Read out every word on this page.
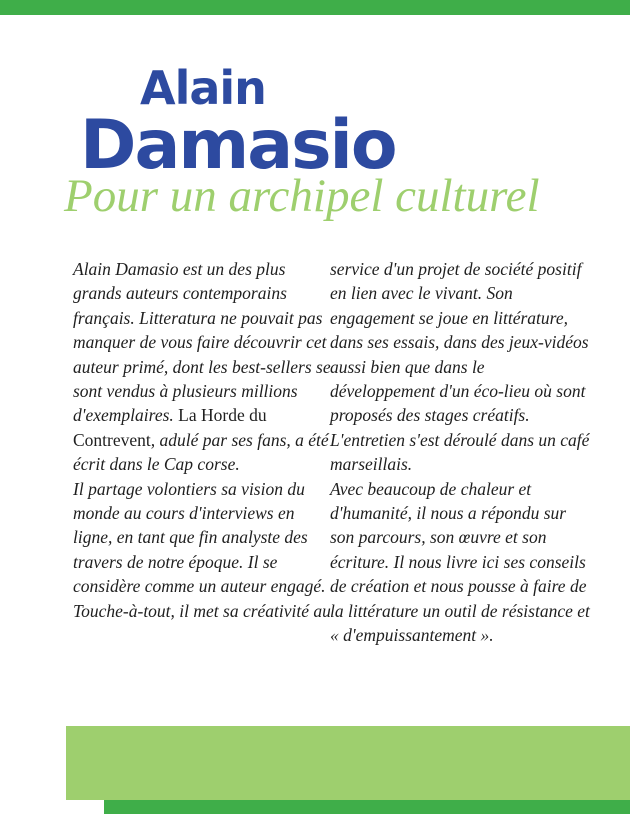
Alain
Damasio
Pour un archipel culturel

Alain Damasio est un des plus grands auteurs contemporains français. Litteratura ne pouvait pas manquer de vous faire découvrir cet auteur primé, dont les best-sellers se sont vendus à plusieurs millions d'exemplaires. La Horde du Contrevent, adulé par ses fans, a été écrit dans le Cap corse.

Il partage volontiers sa vision du monde au cours d'interviews en ligne, en tant que fin analyste des travers de notre époque. Il se considère comme un auteur engagé. Touche-à-tout, il met sa créativité au

service d'un projet de société positif en lien avec le vivant. Son engagement se joue en littérature, dans ses essais, dans des jeux-vidéos aussi bien que dans le développement d'un éco-lieu où sont proposés des stages créatifs.

L'entretien s'est déroulé dans un café marseillais.

Avec beaucoup de chaleur et d'humanité, il nous a répondu sur son parcours, son œuvre et son écriture. Il nous livre ici ses conseils de création et nous pousse à faire de la littérature un outil de résistance et « d'empuissantement ».
